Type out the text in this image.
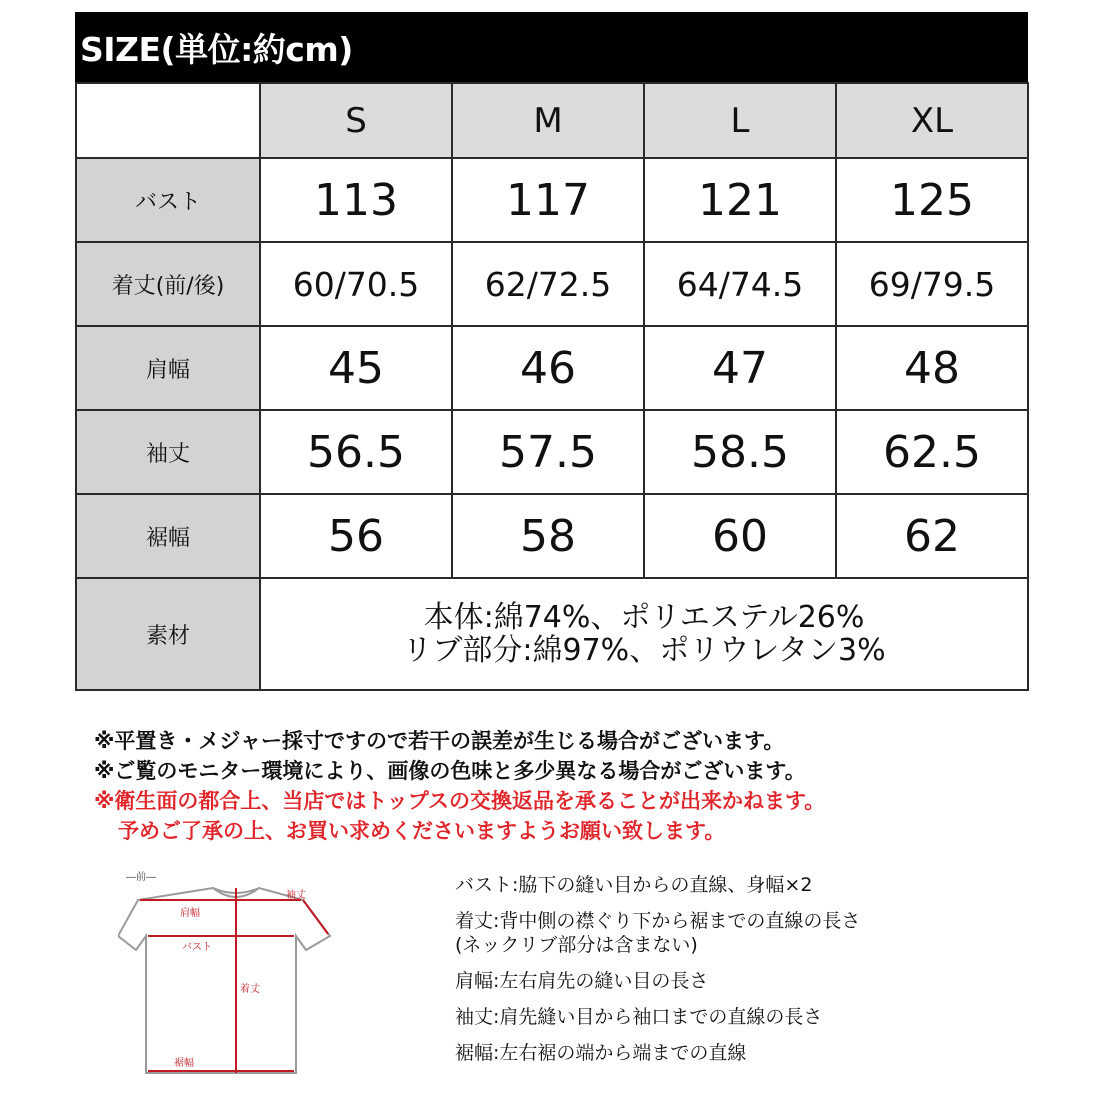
SIZE(単位:約cm)
	S	M	L	XL
バスト	113	117	121	125
着丈(前/後)	60/70.5	62/72.5	64/74.5	69/79.5
肩幅	45	46	47	48
袖丈	56.5	57.5	58.5	62.5
裾幅	56	58	60	62
素材	本体:綿74%、ポリエステル26%
リブ部分:綿97%、ポリウレタン3%			
※平置き・メジャー採寸ですので若干の誤差が生じる場合がございます。
※ご覧のモニター環境により、画像の色味と多少異なる場合がございます。
※衛生面の都合上、当店ではトップスの交換返品を承ることが出来かねます。
予めご了承の上、お買い求めくださいますようお願い致します。
―前―
袖丈
肩幅
バスト
着丈
裾幅
バスト:脇下の縫い目からの直線、身幅×2
着丈:背中側の襟ぐり下から裾までの直線の長さ
(ネックリブ部分は含まない)
肩幅:左右肩先の縫い目の長さ
袖丈:肩先縫い目から袖口までの直線の長さ
裾幅:左右裾の端から端までの直線
